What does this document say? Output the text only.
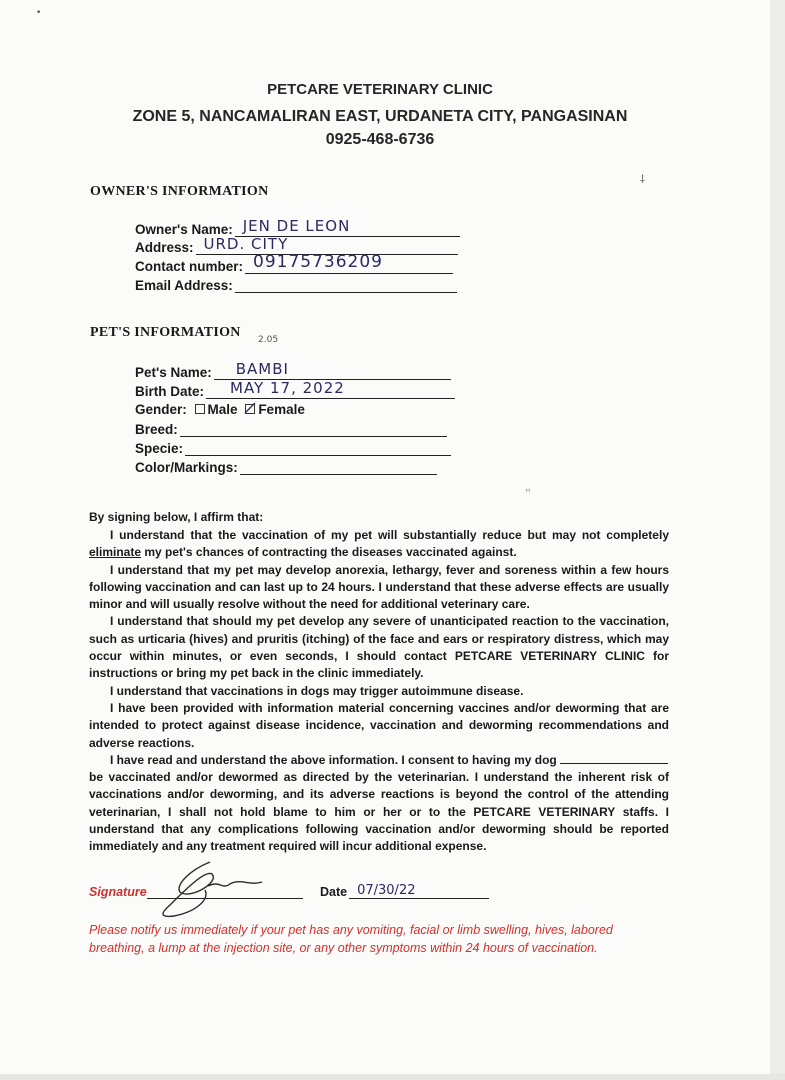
•
⸸
PETCARE VETERINARY CLINIC
ZONE 5, NANCAMALIRAN EAST, URDANETA CITY, PANGASINAN
0925-468-6736
OWNER'S INFORMATION
Owner's Name: JEN DE LEON
Address: URD. CITY
Contact number: 09175736209
Email Address:
PET'S INFORMATION 2.05
Pet's Name: BAMBI
Birth Date: MAY 17, 2022
Gender: Male Female
Breed:
Specie:
Color/Markings:
ꟸ
By signing below, I affirm that:

I understand that the vaccination of my pet will substantially reduce but may not completely eliminate my pet's chances of contracting the diseases vaccinated against.

I understand that my pet may develop anorexia, lethargy, fever and soreness within a few hours following vaccination and can last up to 24 hours. I understand that these adverse effects are usually minor and will usually resolve without the need for additional veterinary care.

I understand that should my pet develop any severe of unanticipated reaction to the vaccination, such as urticaria (hives) and pruritis (itching) of the face and ears or respiratory distress, which may occur within minutes, or even seconds, I should contact PETCARE VETERINARY CLINIC for instructions or bring my pet back in the clinic immediately.

I understand that vaccinations in dogs may trigger autoimmune disease.

I have been provided with information material concerning vaccines and/or deworming that are intended to protect against disease incidence, vaccination and deworming recommendations and adverse reactions.

I have read and understand the above information. I consent to having my dog

be vaccinated and/or dewormed as directed by the veterinarian. I understand the inherent risk of vaccinations and/or deworming, and its adverse reactions is beyond the control of the attending veterinarian, I shall not hold blame to him or her or to the PETCARE VETERINARY staffs. I understand that any complications following vaccination and/or deworming should be reported immediately and any treatment required will incur additional expense.

Signature	Date 07/30/22
Please notify us immediately if your pet has any vomiting, facial or limb swelling, hives, labored breathing, a lump at the injection site, or any other symptoms within 24 hours of vaccination.
